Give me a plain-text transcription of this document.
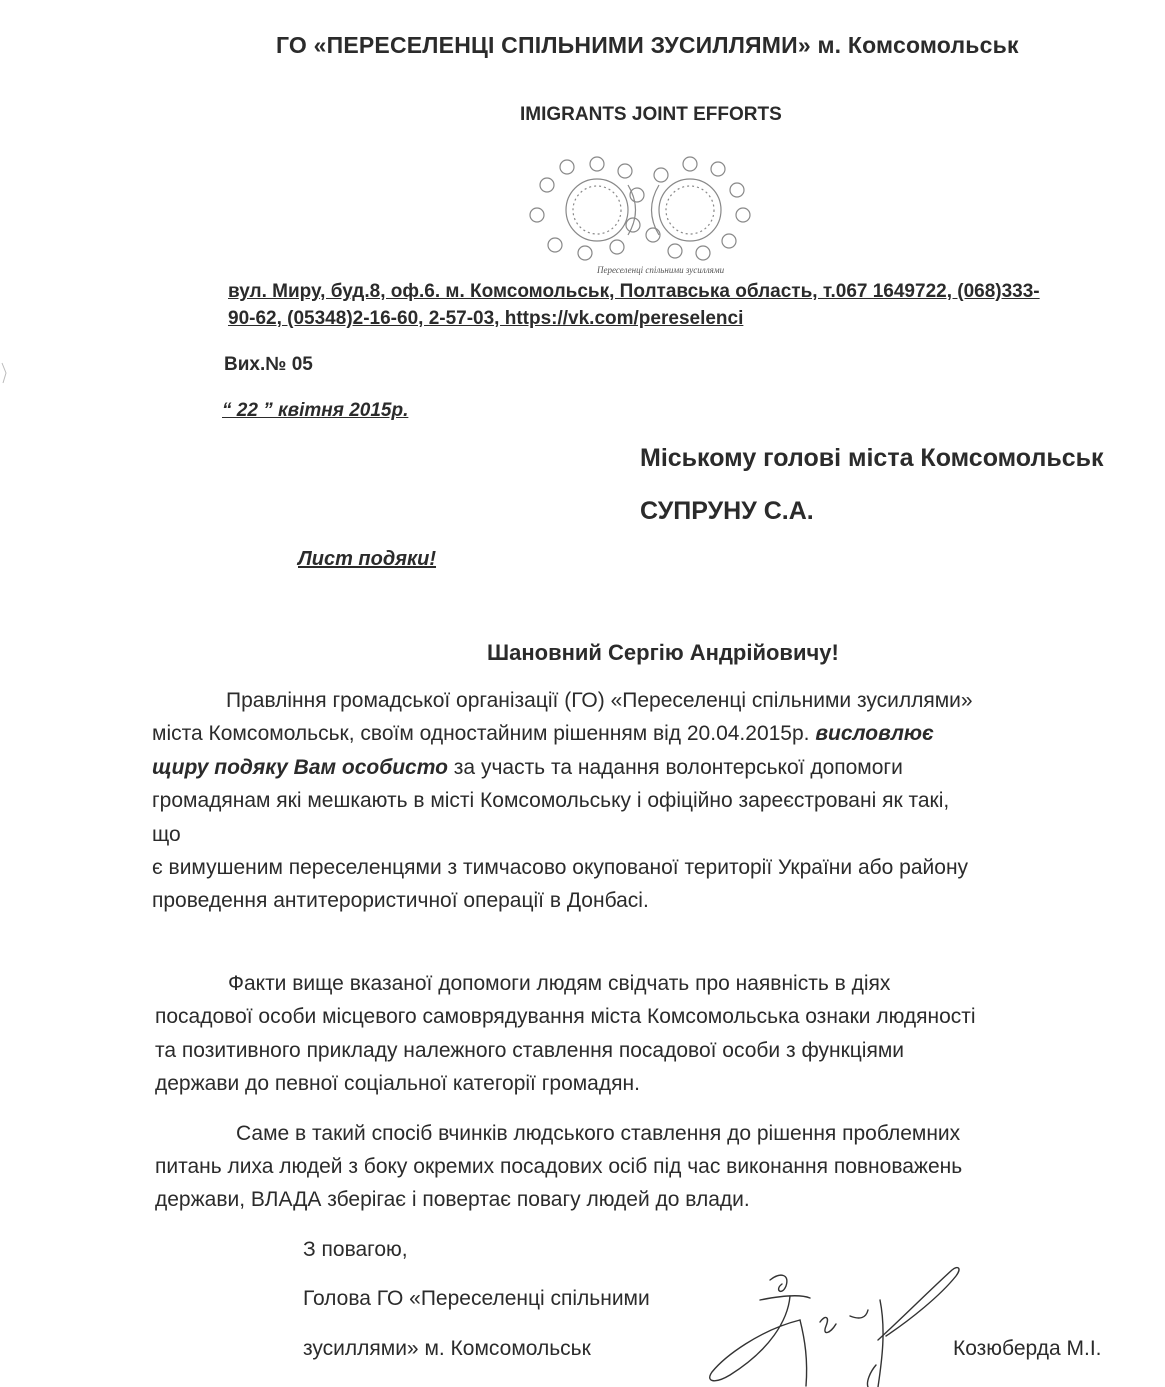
ГО «ПЕРЕСЕЛЕНЦІ СПІЛЬНИМИ ЗУСИЛЛЯМИ» м. Комсомольськ
IMIGRANTS JOINT EFFORTS
Переселенці спільними зусиллями
вул. Миру, буд.8, оф.6. м. Комсомольськ, Полтавська область, т.067 1649722, (068)333-
90-62, (05348)2-16-60, 2-57-03, https://vk.com/pereselenci
Вих.№ 05
“ 22 ” квітня 2015р.
Міському голові міста Комсомольськ
СУПРУНУ С.А.
Лист подяки!
Шановний Сергію Андрійовичу!
Правління громадської організації (ГО) «Переселенці спільними зусиллями»
міста Комсомольськ, своїм одностайним рішенням від 20.04.2015р. висловлює
щиру подяку Вам особисто за участь та надання волонтерської допомоги
громадянам які мешкають в місті Комсомольську і офіційно зареєстровані як такі,
що
є вимушеним переселенцями з тимчасово окупованої території України або району
проведення антитерористичної операції в Донбасі.
Факти вище вказаної допомоги людям свідчать про наявність в діях
посадової особи місцевого самоврядування міста Комсомольська ознаки людяності
та позитивного прикладу належного ставлення посадової особи з функціями
держави до певної соціальної категорії громадян.
Саме в такий спосіб вчинків людського ставлення до рішення проблемних
питань лиха людей з боку окремих посадових осіб під час виконання повноважень
держави, ВЛАДА зберігає і повертає повагу людей до влади.
З повагою,
Голова ГО «Переселенці спільними
зусиллями» м. Комсомольськ	Козюберда М.І.
